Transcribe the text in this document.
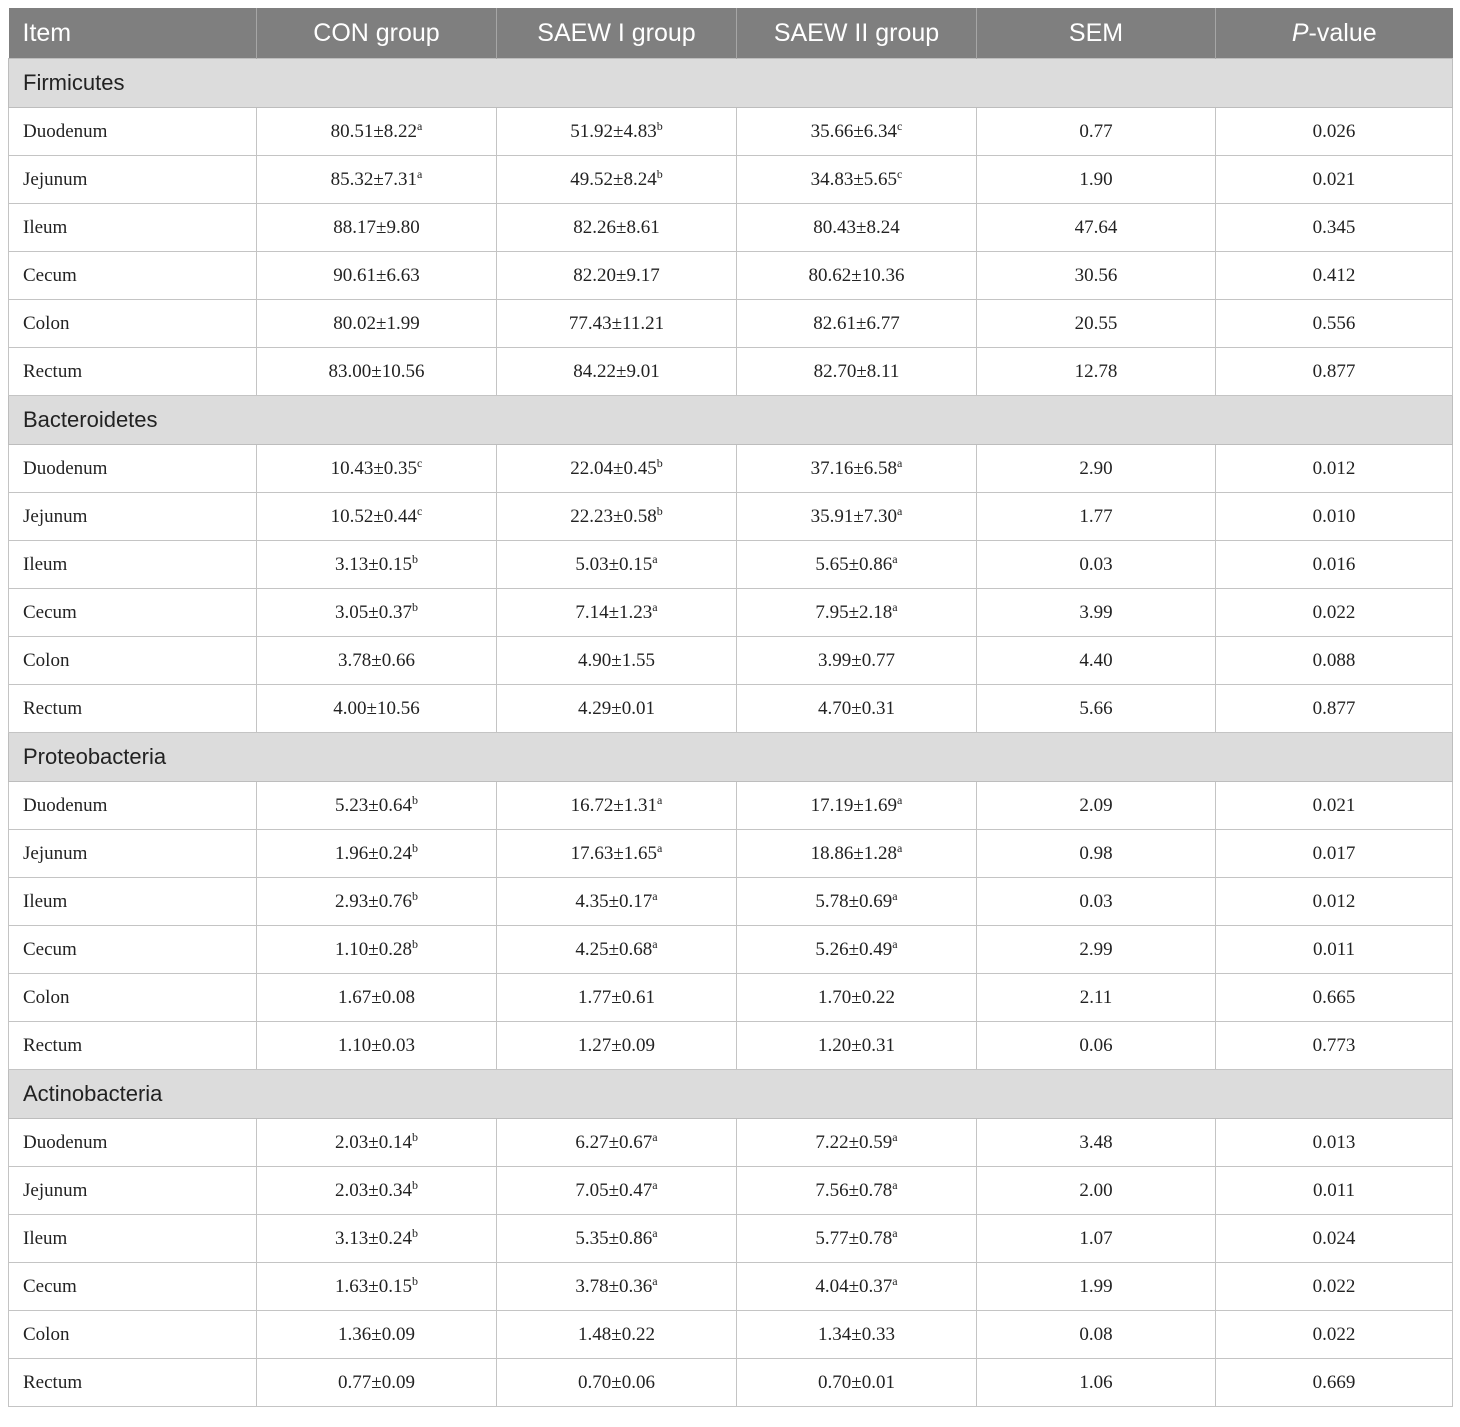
Item	CON group	SAEW I group	SAEW II group	SEM	P-value
Firmicutes					
Duodenum	80.51±8.22$^a$	51.92±4.83$^b$	35.66±6.34$^c$	0.77	0.026
Jejunum	85.32±7.31$^a$	49.52±8.24$^b$	34.83±5.65$^c$	1.90	0.021
Ileum	88.17±9.80	82.26±8.61	80.43±8.24	47.64	0.345
Cecum	90.61±6.63	82.20±9.17	80.62±10.36	30.56	0.412
Colon	80.02±1.99	77.43±11.21	82.61±6.77	20.55	0.556
Rectum	83.00±10.56	84.22±9.01	82.70±8.11	12.78	0.877
Bacteroidetes					
Duodenum	10.43±0.35$^c$	22.04±0.45$^b$	37.16±6.58$^a$	2.90	0.012
Jejunum	10.52±0.44$^c$	22.23±0.58$^b$	35.91±7.30$^a$	1.77	0.010
Ileum	3.13±0.15$^b$	5.03±0.15$^a$	5.65±0.86$^a$	0.03	0.016
Cecum	3.05±0.37$^b$	7.14±1.23$^a$	7.95±2.18$^a$	3.99	0.022
Colon	3.78±0.66	4.90±1.55	3.99±0.77	4.40	0.088
Rectum	4.00±10.56	4.29±0.01	4.70±0.31	5.66	0.877
Proteobacteria					
Duodenum	5.23±0.64$^b$	16.72±1.31$^a$	17.19±1.69$^a$	2.09	0.021
Jejunum	1.96±0.24$^b$	17.63±1.65$^a$	18.86±1.28$^a$	0.98	0.017
Ileum	2.93±0.76$^b$	4.35±0.17$^a$	5.78±0.69$^a$	0.03	0.012
Cecum	1.10±0.28$^b$	4.25±0.68$^a$	5.26±0.49$^a$	2.99	0.011
Colon	1.67±0.08	1.77±0.61	1.70±0.22	2.11	0.665
Rectum	1.10±0.03	1.27±0.09	1.20±0.31	0.06	0.773
Actinobacteria					
Duodenum	2.03±0.14$^b$	6.27±0.67$^a$	7.22±0.59$^a$	3.48	0.013
Jejunum	2.03±0.34$^b$	7.05±0.47$^a$	7.56±0.78$^a$	2.00	0.011
Ileum	3.13±0.24$^b$	5.35±0.86$^a$	5.77±0.78$^a$	1.07	0.024
Cecum	1.63±0.15$^b$	3.78±0.36$^a$	4.04±0.37$^a$	1.99	0.022
Colon	1.36±0.09	1.48±0.22	1.34±0.33	0.08	0.022
Rectum	0.77±0.09	0.70±0.06	0.70±0.01	1.06	0.669
